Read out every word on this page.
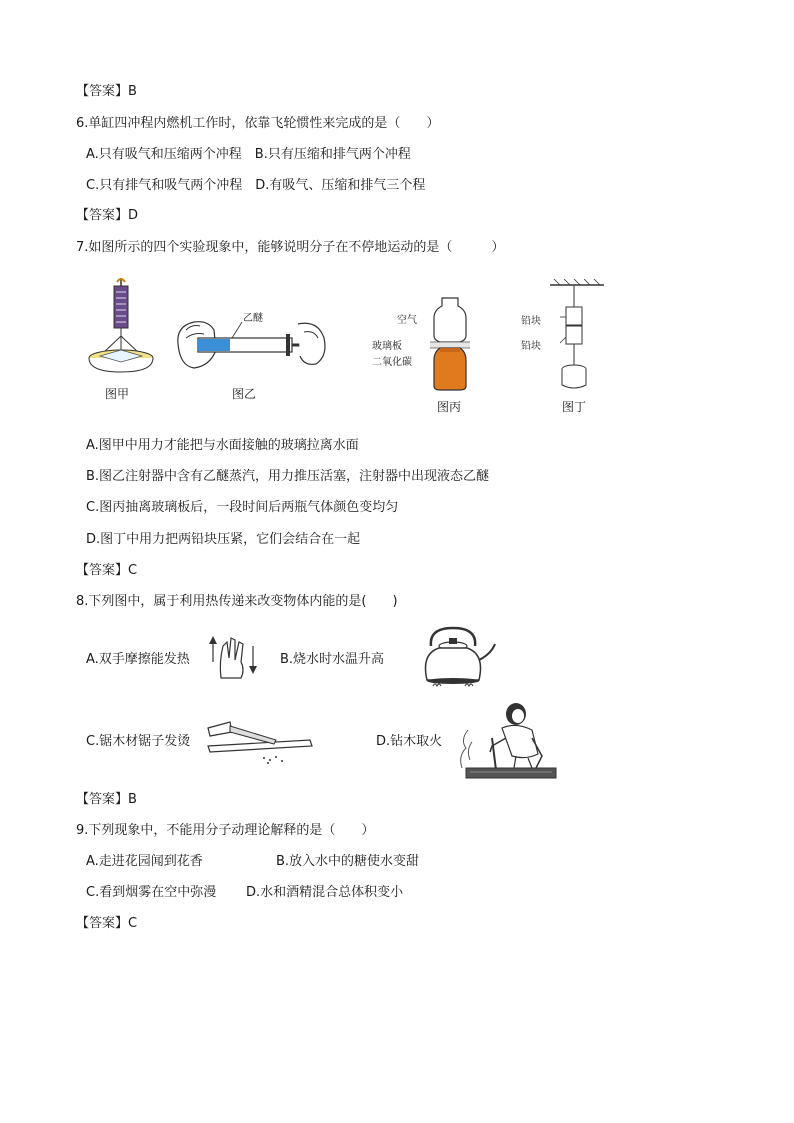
【答案】B
6.单缸四冲程内燃机工作时，依靠飞轮惯性来完成的是（　　）
A.只有吸气和压缩两个冲程　B.只有压缩和排气两个冲程
C.只有排气和吸气两个冲程　D.有吸气、压缩和排气三个程
【答案】D
7.如图所示的四个实验现象中，能够说明分子在不停地运动的是（　　　）
图甲
乙醚
图乙
空气
玻璃板
二氧化碳
图丙
铅块
铅块
图丁
A.图甲中用力才能把与水面接触的玻璃拉离水面
B.图乙注射器中含有乙醚蒸汽，用力推压活塞，注射器中出现液态乙醚
C.图丙抽离玻璃板后，一段时间后两瓶气体颜色变均匀
D.图丁中用力把两铅块压紧，它们会结合在一起
【答案】C
8.下列图中，属于利用热传递来改变物体内能的是(　　)
A.双手摩擦能发热	B.烧水时水温升高
C.锯木材锯子发烫	D.钻木取火
【答案】B
9.下列现象中，不能用分子动理论解释的是（　　）
A.走进花园闻到花香	B.放入水中的糖使水变甜
C.看到烟雾在空中弥漫 D.水和酒精混合总体积变小
【答案】C
